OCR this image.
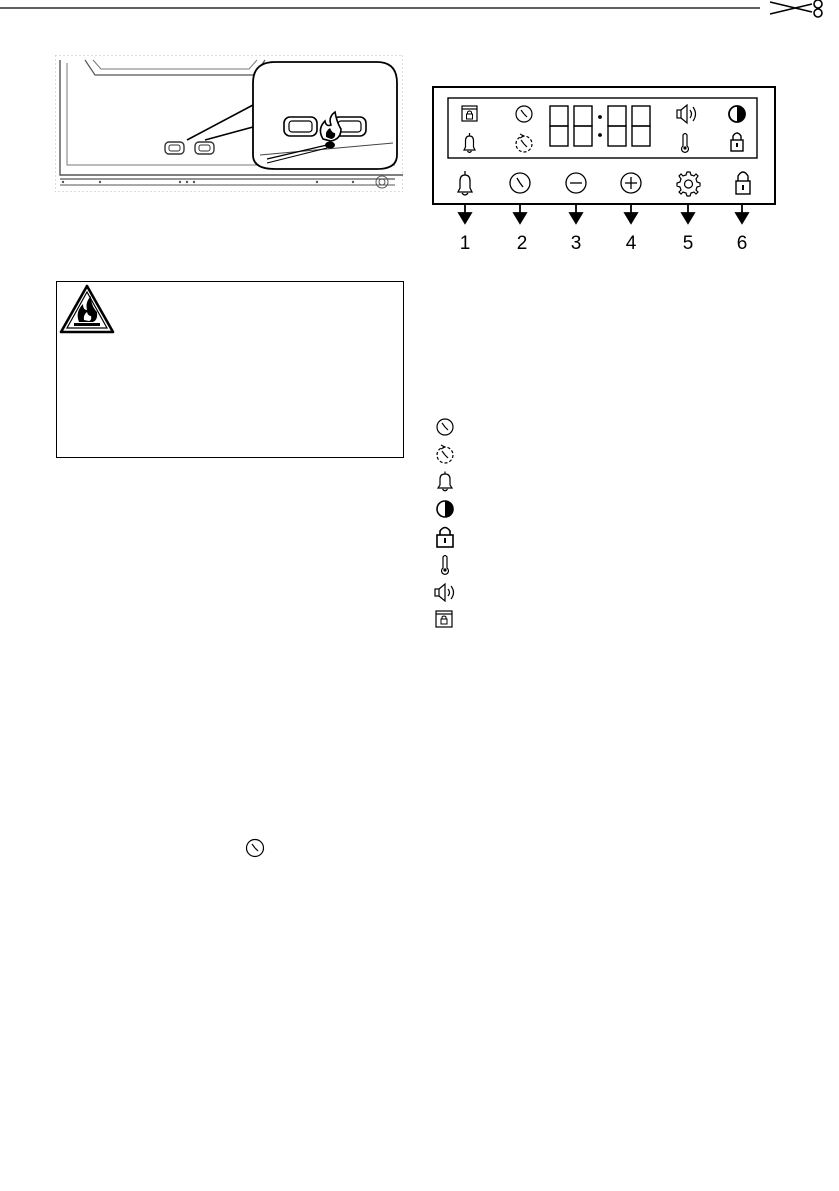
1 2 3 4 5 6
